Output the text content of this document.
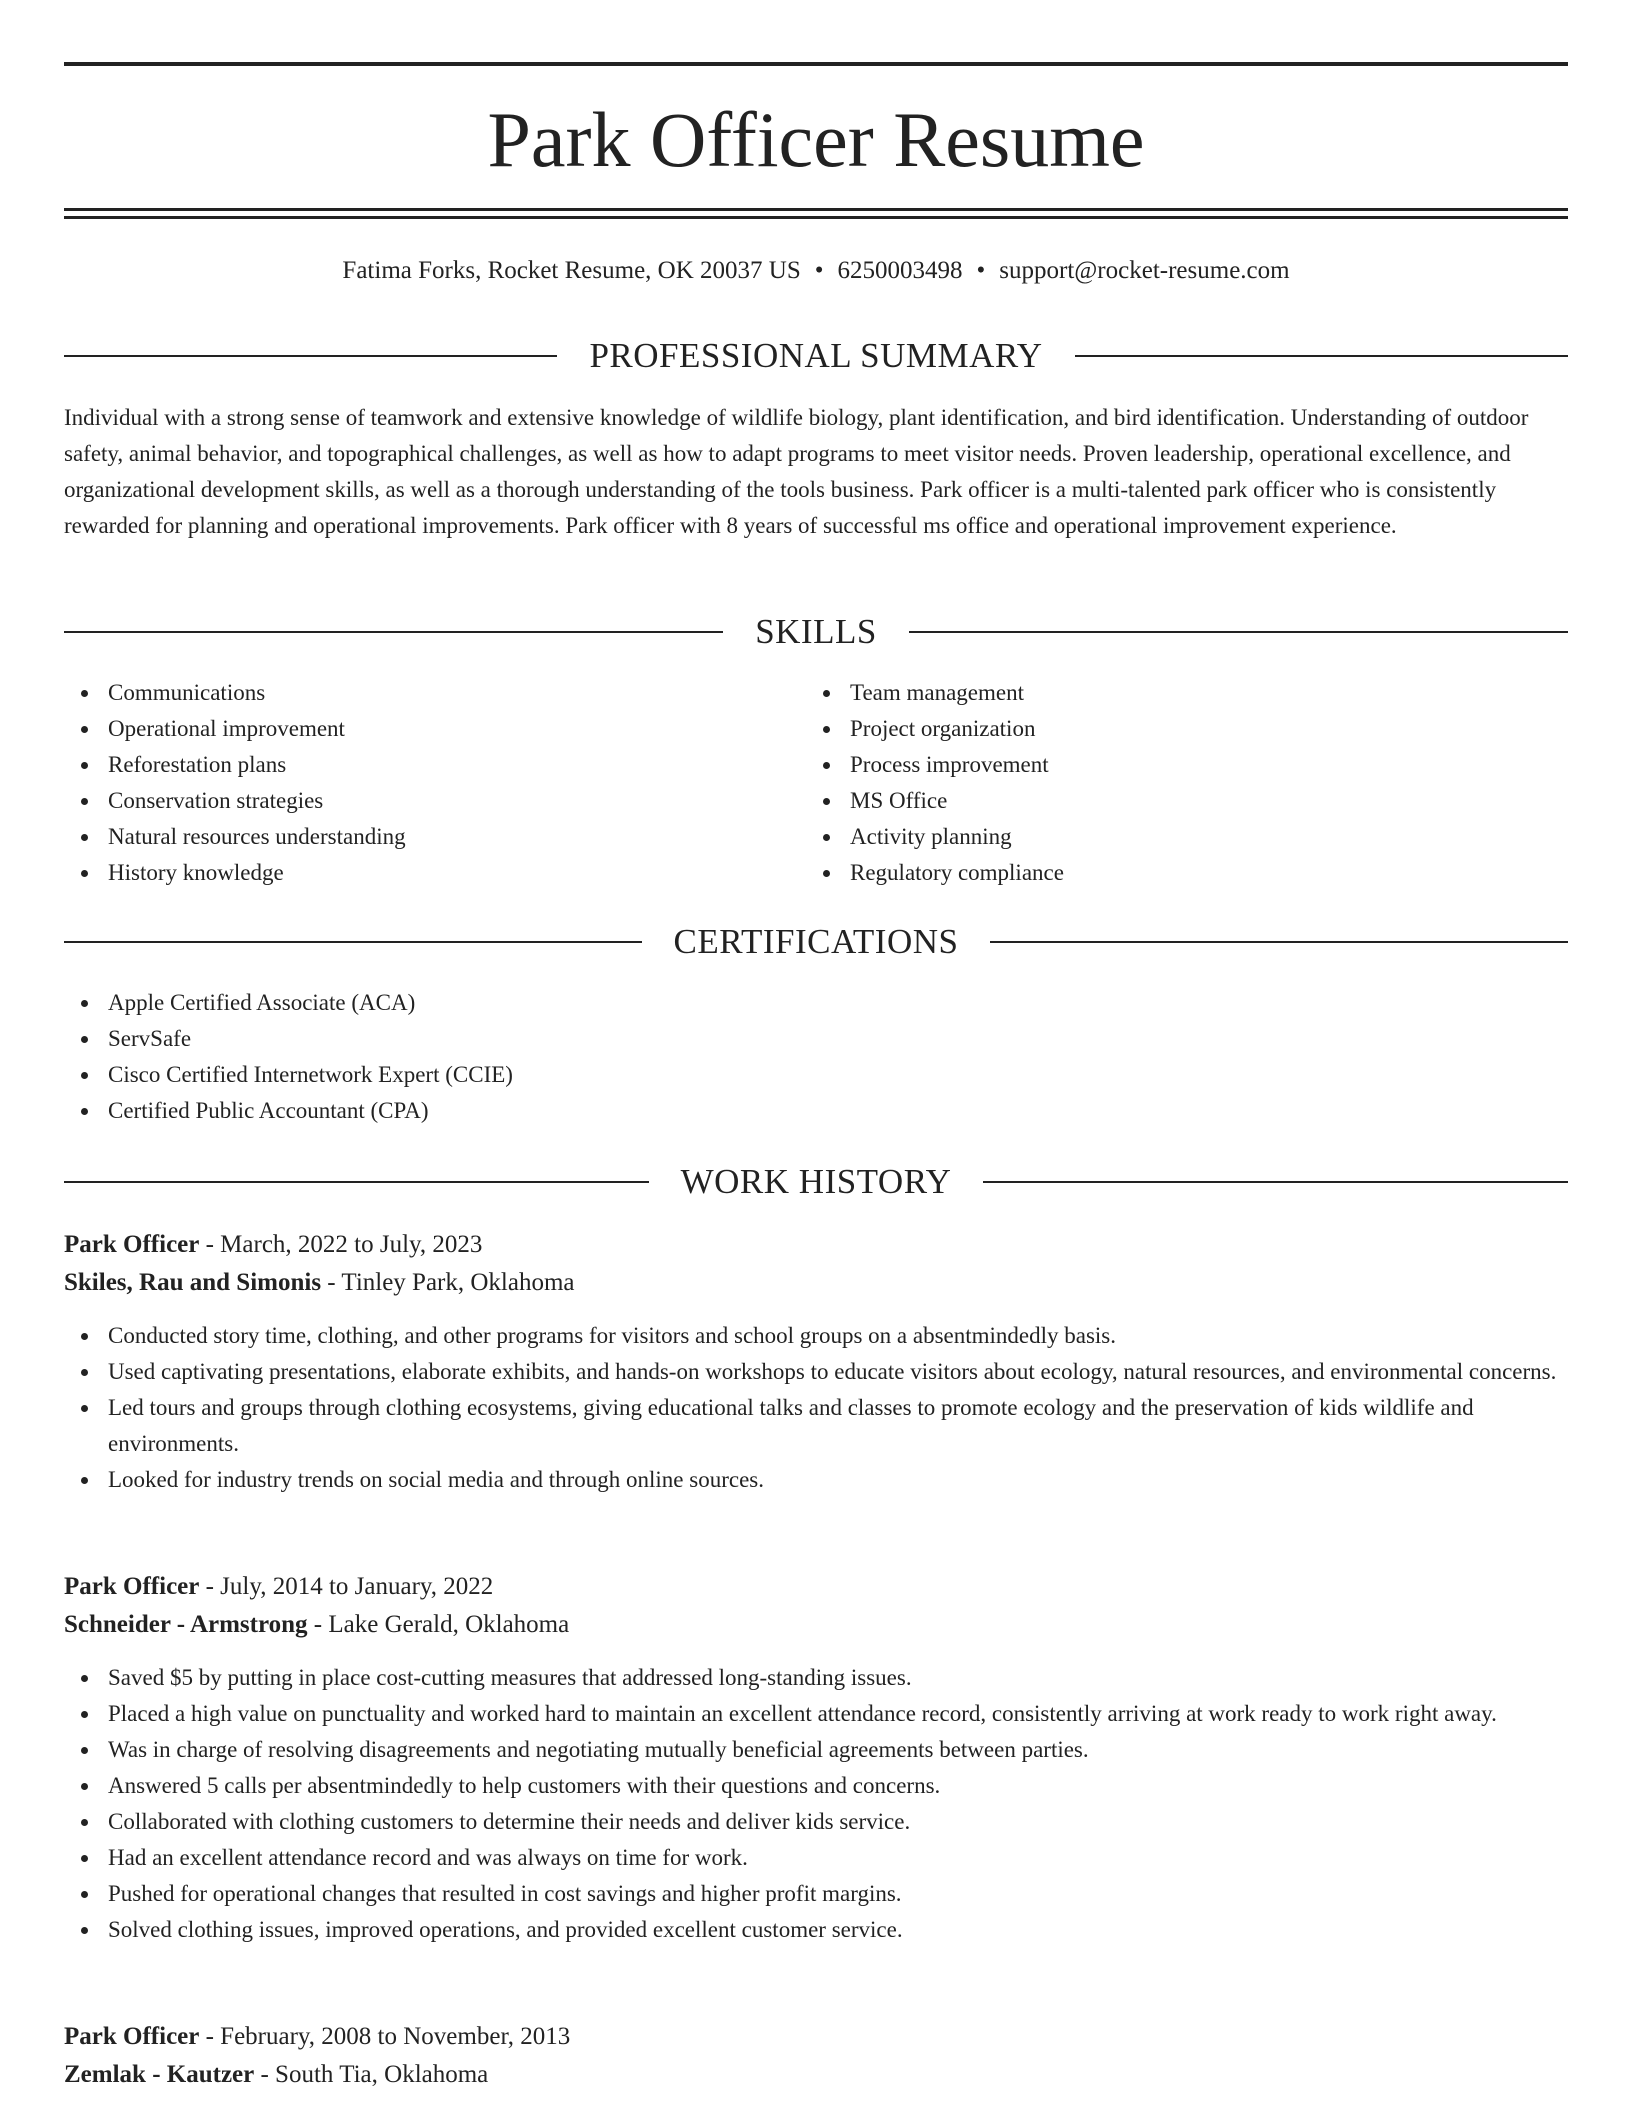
Park Officer Resume
Fatima Forks, Rocket Resume, OK 20037 US • 6250003498 • support@rocket-resume.com
PROFESSIONAL SUMMARY

Individual with a strong sense of teamwork and extensive knowledge of wildlife biology, plant identification, and bird identification. Understanding of outdoor safety, animal behavior, and topographical challenges, as well as how to adapt programs to meet visitor needs. Proven leadership, operational excellence, and organizational development skills, as well as a thorough understanding of the tools business. Park officer is a multi-talented park officer who is consistently rewarded for planning and operational improvements. Park officer with 8 years of successful ms office and operational improvement experience.

SKILLS
Communications
Operational improvement
Reforestation plans
Conservation strategies
Natural resources understanding
History knowledge
Team management
Project organization
Process improvement
MS Office
Activity planning
Regulatory compliance
CERTIFICATIONS
Apple Certified Associate (ACA)
ServSafe
Cisco Certified Internetwork Expert (CCIE)
Certified Public Accountant (CPA)
WORK HISTORY
Park Officer - March, 2022 to July, 2023
Skiles, Rau and Simonis - Tinley Park, Oklahoma
Conducted story time, clothing, and other programs for visitors and school groups on a absentmindedly basis.
Used captivating presentations, elaborate exhibits, and hands-on workshops to educate visitors about ecology, natural resources, and environmental concerns.
Led tours and groups through clothing ecosystems, giving educational talks and classes to promote ecology and the preservation of kids wildlife and environments.
Looked for industry trends on social media and through online sources.
Park Officer - July, 2014 to January, 2022
Schneider - Armstrong - Lake Gerald, Oklahoma
Saved $5 by putting in place cost-cutting measures that addressed long-standing issues.
Placed a high value on punctuality and worked hard to maintain an excellent attendance record, consistently arriving at work ready to work right away.
Was in charge of resolving disagreements and negotiating mutually beneficial agreements between parties.
Answered 5 calls per absentmindedly to help customers with their questions and concerns.
Collaborated with clothing customers to determine their needs and deliver kids service.
Had an excellent attendance record and was always on time for work.
Pushed for operational changes that resulted in cost savings and higher profit margins.
Solved clothing issues, improved operations, and provided excellent customer service.
Park Officer - February, 2008 to November, 2013
Zemlak - Kautzer - South Tia, Oklahoma
